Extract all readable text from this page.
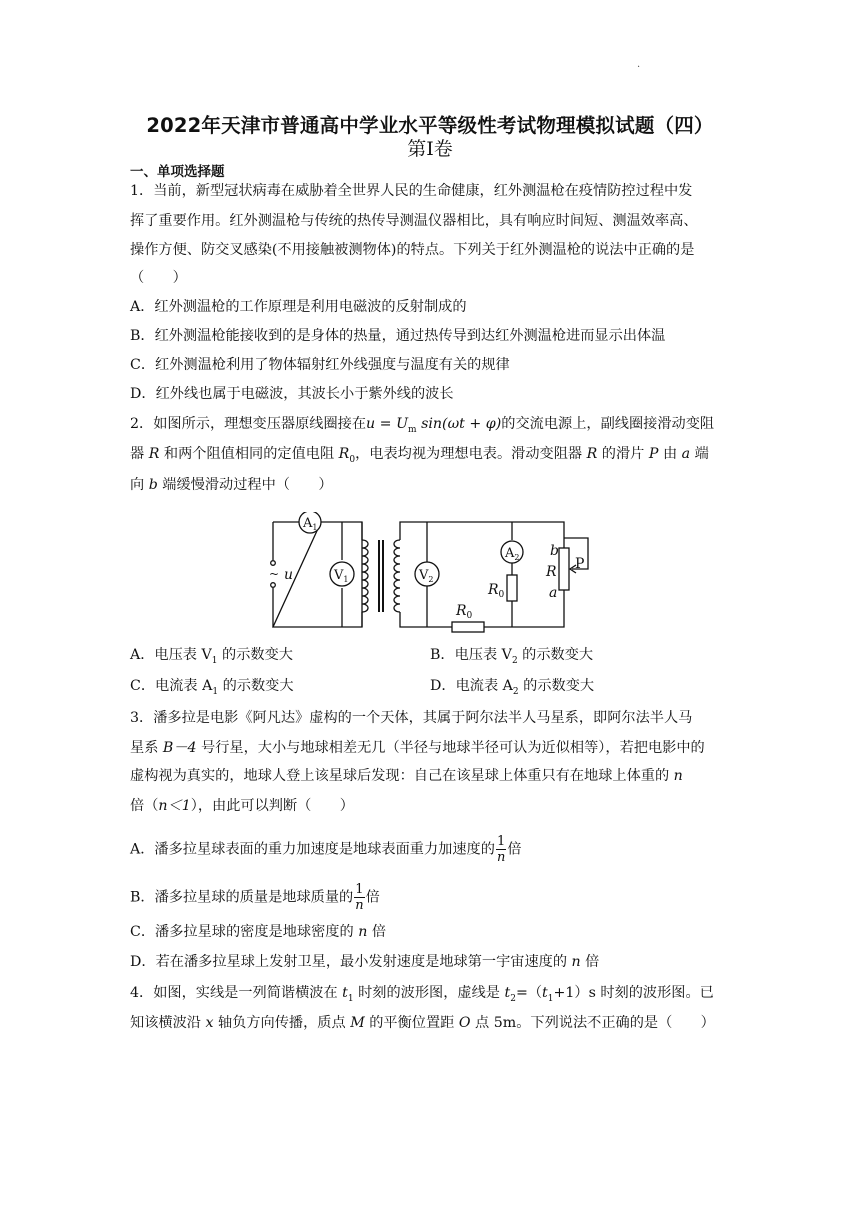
·
2022年天津市普通高中学业水平等级性考试物理模拟试题（四）
第Ⅰ卷
一、单项选择题
1．当前，新型冠状病毒在威胁着全世界人民的生命健康，红外测温枪在疫情防控过程中发
挥了重要作用。红外测温枪与传统的热传导测温仪器相比，具有响应时间短、测温效率高、
操作方便、防交叉感染(不用接触被测物体)的特点。下列关于红外测温枪的说法中正确的是
（　　）
A．红外测温枪的工作原理是利用电磁波的反射制成的
B．红外测温枪能接收到的是身体的热量，通过热传导到达红外测温枪进而显示出体温
C．红外测温枪利用了物体辐射红外线强度与温度有关的规律
D．红外线也属于电磁波，其波长小于紫外线的波长
2．如图所示，理想变压器原线圈接在$u = U_m$ sin(ωt + φ)的交流电源上，副线圈接滑动变阻
器 R 和两个阻值相同的定值电阻 $R_0$，电表均视为理想电表。滑动变阻器 R 的滑片 P 由 a 端
向 b 端缓慢滑动过程中（　　）
~ u
$A_1$
$V_1$	$V_2$
$A_2$
$R_0$
$R_0$
b
R
a
P
A．电压表 $V_1$ 的示数变大	B．电压表 $V_2$ 的示数变大
C．电流表 $A_1$ 的示数变大	D．电流表 $A_2$ 的示数变大
3．潘多拉是电影《阿凡达》虚构的一个天体，其属于阿尔法半人马星系，即阿尔法半人马
星系 B－4 号行星，大小与地球相差无几（半径与地球半径可认为近似相等），若把电影中的
虚构视为真实的，地球人登上该星球后发现：自己在该星球上体重只有在地球上体重的 n
倍（n＜1），由此可以判断（　　）
A．潘多拉星球表面的重力加速度是地球表面重力加速度的 $\frac{1}{n}$ 倍
B．潘多拉星球的质量是地球质量的 $\frac{1}{n}$ 倍
C．潘多拉星球的密度是地球密度的 n 倍
D．若在潘多拉星球上发射卫星，最小发射速度是地球第一宇宙速度的 n 倍
4．如图，实线是一列简谐横波在 $t_1$ 时刻的波形图，虚线是 $t_2=(t_1+1)s$ 时刻的波形图。已
知该横波沿 x 轴负方向传播，质点 M 的平衡位置距 O 点 5m。下列说法不正确的是（　　）
